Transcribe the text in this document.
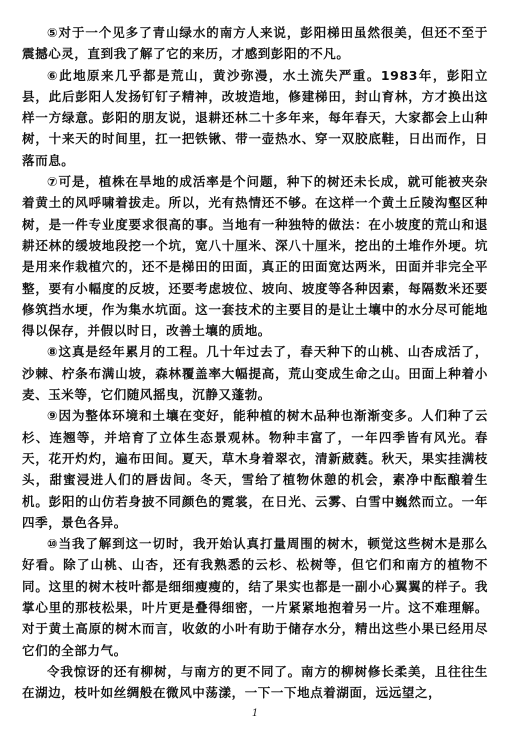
⑤对于一个见多了青山绿水的南方人来说，彭阳梯田虽然很美，但还不至于震撼心灵，直到我了解了它的来历，才感到彭阳的不凡。

⑥此地原来几乎都是荒山，黄沙弥漫，水土流失严重。1983年，彭阳立县，此后彭阳人发扬钉钉子精神，改坡造地，修建梯田，封山育林，方才换出这样一方绿意。彭阳的朋友说，退耕还林二十多年来，每年春天，大家都会上山种树，十来天的时间里，扛一把铁锹、带一壶热水、穿一双胶底鞋，日出而作，日落而息。

⑦可是，植株在旱地的成活率是个问题，种下的树还未长成，就可能被夹杂着黄土的风呼啸着拔走。所以，光有热情还不够。在这样一个黄土丘陵沟壑区种树，是一件专业度要求很高的事。当地有一种独特的做法：在小坡度的荒山和退耕还林的缓坡地段挖一个坑，宽八十厘米、深八十厘米，挖出的土堆作外埂。坑是用来作栽植穴的，还不是梯田的田面，真正的田面宽达两米，田面并非完全平整，要有小幅度的反坡，还要考虑坡位、坡向、坡度等各种因素，每隔数米还要修筑挡水埂，作为集水坑面。这一套技术的主要目的是让土壤中的水分尽可能地得以保存，并假以时日，改善土壤的质地。

⑧这真是经年累月的工程。几十年过去了，春天种下的山桃、山杏成活了，沙棘、柠条布满山坡，森林覆盖率大幅提高，荒山变成生命之山。田面上种着小麦、玉米等，它们随风摇曳，沉静又蓬勃。

⑨因为整体环境和土壤在变好，能种植的树木品种也渐渐变多。人们种了云杉、连翘等，并培育了立体生态景观林。物种丰富了，一年四季皆有风光。春天，花开灼灼，遍布田间。夏天，草木身着翠衣，清新葳蕤。秋天，果实挂满枝头，甜蜜浸进人们的唇齿间。冬天，雪给了植物休憩的机会，素净中酝酿着生机。彭阳的山仿若身披不同颜色的霓裳，在日光、云雾、白雪中巍然而立。一年四季，景色各异。

⑩当我了解到这一切时，我开始认真打量周围的树木，顿觉这些树木是那么好看。除了山桃、山杏，还有我熟悉的云杉、松树等，但它们和南方的植物不同。这里的树木枝叶都是细细瘦瘦的，结了果实也都是一副小心翼翼的样子。我掌心里的那枝松果，叶片更是叠得细密，一片紧紧地抱着另一片。这不难理解。对于黄土高原的树木而言，收敛的小叶有助于储存水分，精出这些小果已经用尽它们的全部力气。

令我惊讶的还有柳树，与南方的更不同了。南方的柳树修长柔美，且往往生在湖边，枝叶如丝绸般在微风中荡漾，一下一下地点着湖面，远远望之，

1
